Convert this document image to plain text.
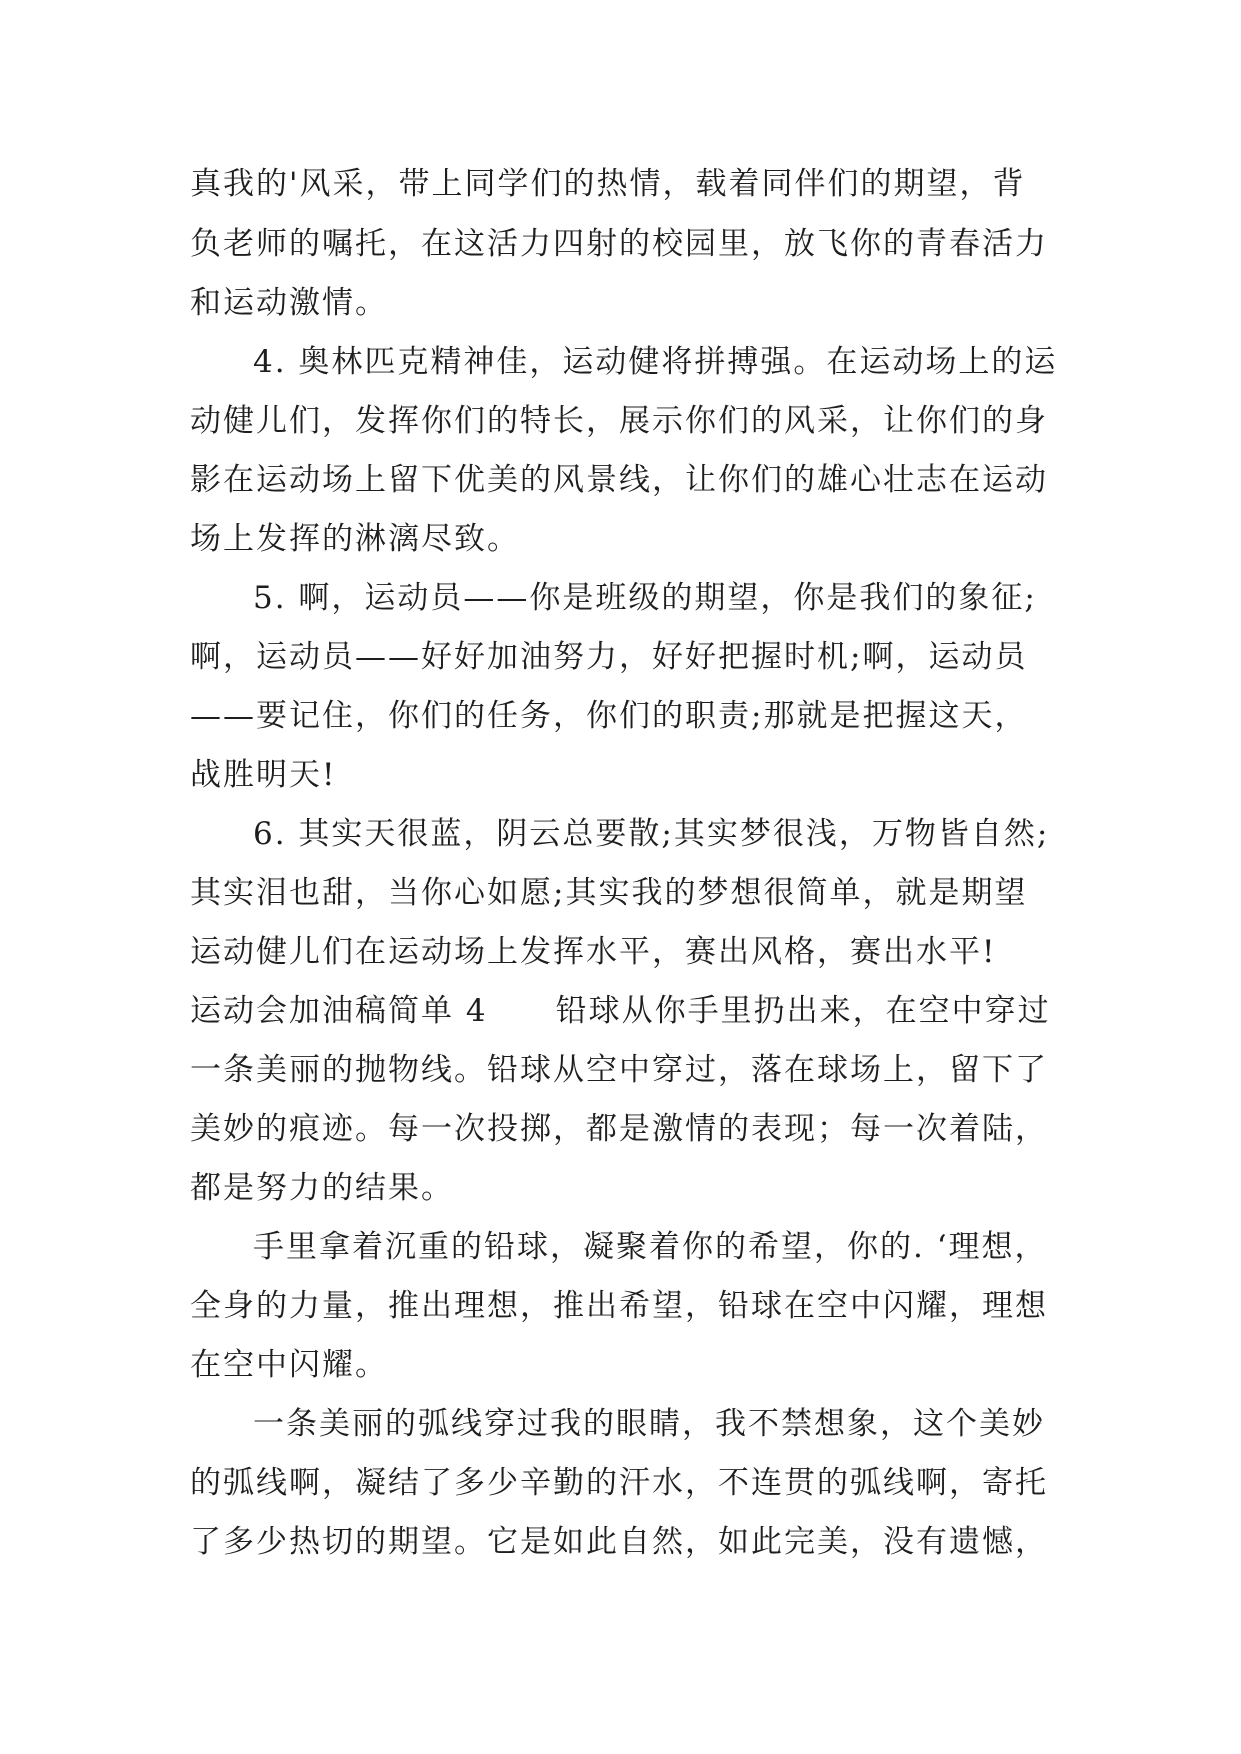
真我的'风采，带上同学们的热情，载着同伴们的期望，背
负老师的嘱托，在这活力四射的校园里，放飞你的青春活力
和运动激情。
4. 奥林匹克精神佳，运动健将拼搏强。在运动场上的运
动健儿们，发挥你们的特长，展示你们的风采，让你们的身
影在运动场上留下优美的风景线，让你们的雄心壮志在运动
场上发挥的淋漓尽致。
5. 啊，运动员——你是班级的期望，你是我们的象征;
啊，运动员——好好加油努力，好好把握时机;啊，运动员
——要记住，你们的任务，你们的职责;那就是把握这天，
战胜明天!
6. 其实天很蓝，阴云总要散;其实梦很浅，万物皆自然;
其实泪也甜，当你心如愿;其实我的梦想很简单，就是期望
运动健儿们在运动场上发挥水平，赛出风格，赛出水平!
运动会加油稿简单 4 铅球从你手里扔出来，在空中穿过
一条美丽的抛物线。铅球从空中穿过，落在球场上，留下了
美妙的痕迹。每一次投掷，都是激情的表现；每一次着陆，
都是努力的结果。
手里拿着沉重的铅球，凝聚着你的希望，你的. ‘理想，
全身的力量，推出理想，推出希望，铅球在空中闪耀，理想
在空中闪耀。
一条美丽的弧线穿过我的眼睛，我不禁想象，这个美妙
的弧线啊，凝结了多少辛勤的汗水，不连贯的弧线啊，寄托
了多少热切的期望。它是如此自然，如此完美，没有遗憾，
